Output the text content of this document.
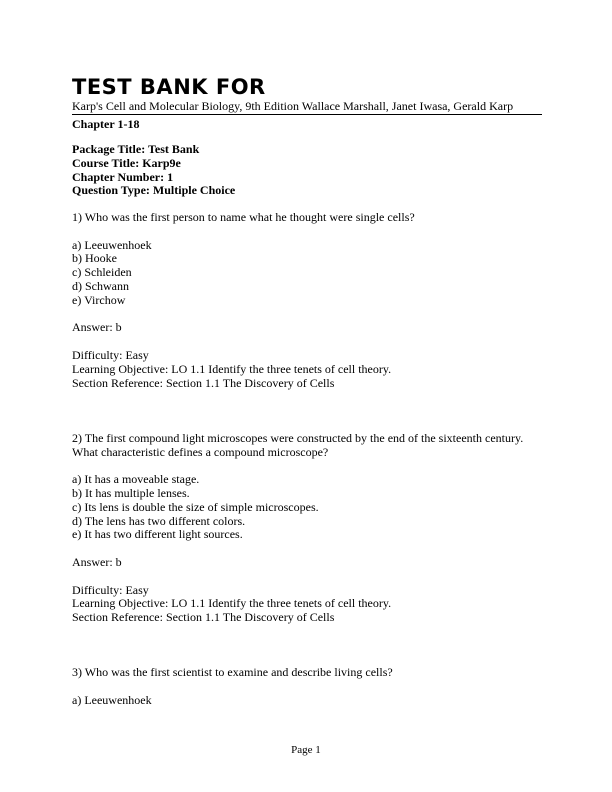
TEST BANK FOR
Karp's Cell and Molecular Biology, 9th Edition Wallace Marshall, Janet Iwasa, Gerald Karp
Chapter 1-18
Package Title: Test Bank
Course Title: Karp9e
Chapter Number: 1
Question Type: Multiple Choice
1) Who was the first person to name what he thought were single cells?
a) Leeuwenhoek
b) Hooke
c) Schleiden
d) Schwann
e) Virchow
Answer: b
Difficulty: Easy
Learning Objective: LO 1.1 Identify the three tenets of cell theory.
Section Reference: Section 1.1 The Discovery of Cells
2) The first compound light microscopes were constructed by the end of the sixteenth century. What characteristic defines a compound microscope?
a) It has a moveable stage.
b) It has multiple lenses.
c) Its lens is double the size of simple microscopes.
d) The lens has two different colors.
e) It has two different light sources.
Answer: b
Difficulty: Easy
Learning Objective: LO 1.1 Identify the three tenets of cell theory.
Section Reference: Section 1.1 The Discovery of Cells
3) Who was the first scientist to examine and describe living cells?
a) Leeuwenhoek
Page 1
